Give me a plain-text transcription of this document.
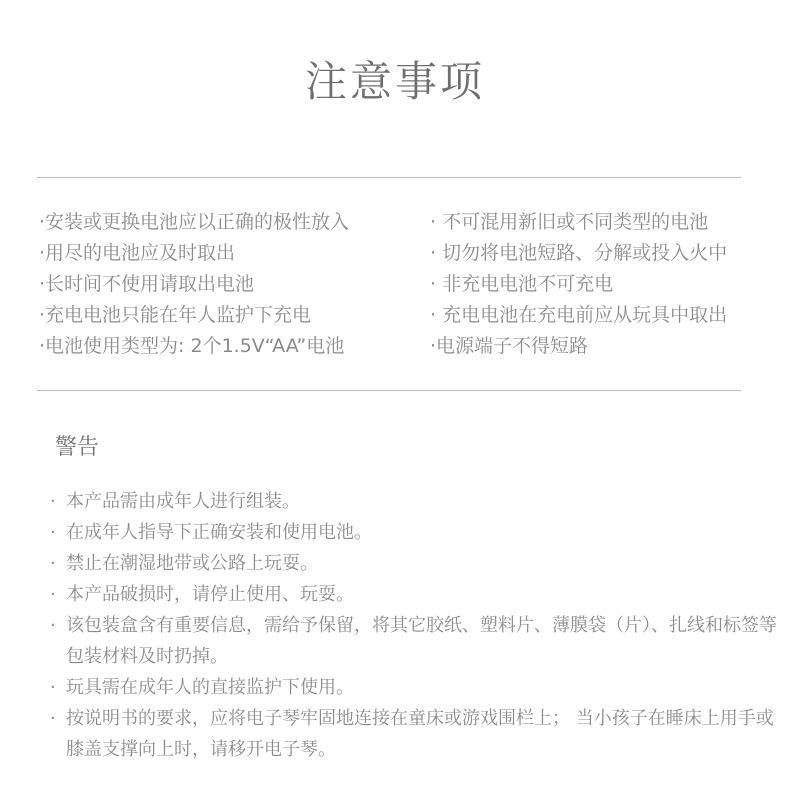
注意事项
·安装或更换电池应以正确的极性放入
·用尽的电池应及时取出
·长时间不使用请取出电池
·充电电池只能在年人监护下充电
·电池使用类型为: 2个1.5V“AA”电池
· 不可混用新旧或不同类型的电池
· 切勿将电池短路、分解或投入火中
· 非充电电池不可充电
· 充电电池在充电前应从玩具中取出
·电源端子不得短路
警告
· 本产品需由成年人进行组装。
· 在成年人指导下正确安装和使用电池。
· 禁止在潮湿地带或公路上玩耍。
· 本产品破损时，请停止使用、玩耍。
· 该包装盒含有重要信息，需给予保留，将其它胶纸、塑料片、薄膜袋（片）、扎线和标签等包装材料及时扔掉。
· 玩具需在成年人的直接监护下使用。
· 按说明书的要求，应将电子琴牢固地连接在童床或游戏围栏上； 当小孩子在睡床上用手或膝盖支撑向上时，请移开电子琴。
